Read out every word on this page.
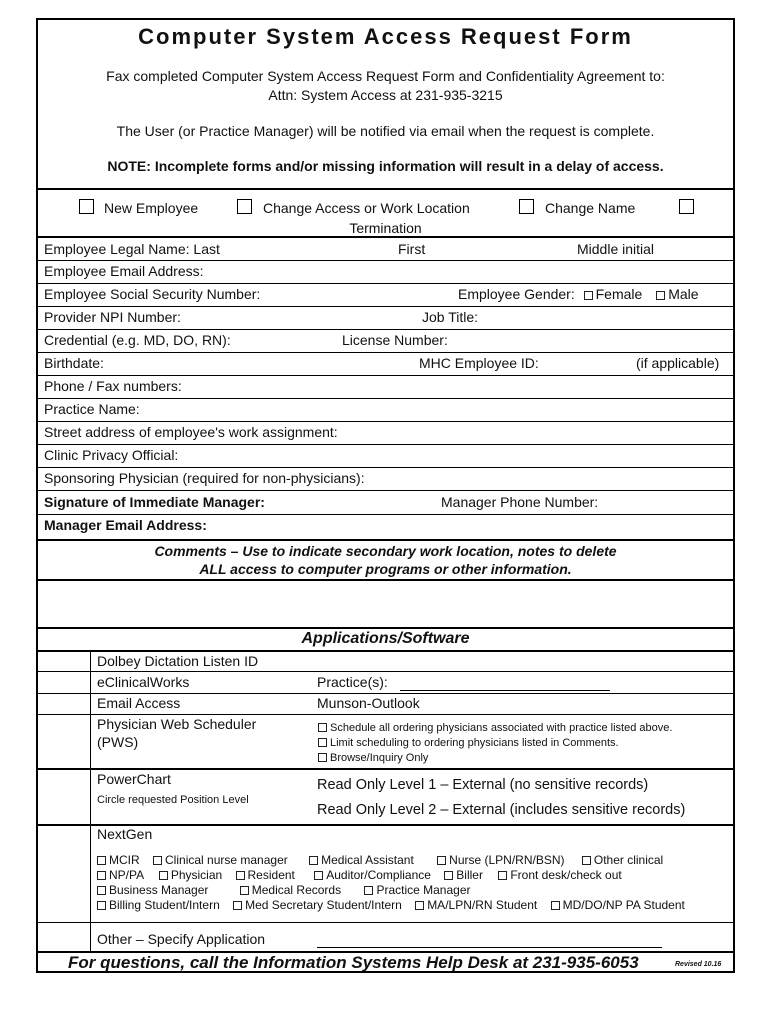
Computer System Access Request Form
Fax completed Computer System Access Request Form and Confidentiality Agreement to:
Attn: System Access at 231-935-3215
The User (or Practice Manager) will be notified via email when the request is complete.
NOTE: Incomplete forms and/or missing information will result in a delay of access.
New Employee	Change Access or Work Location	Change Name
Termination
Employee Legal Name: Last	First	Middle initial
Employee Email Address:
Employee Social Security Number:	Employee Gender: Female Male
Provider NPI Number:	Job Title:
Credential (e.g. MD, DO, RN):	License Number:
Birthdate:	MHC Employee ID:	(if applicable)
Phone / Fax numbers:
Practice Name:
Street address of employee's work assignment:
Clinic Privacy Official:
Sponsoring Physician (required for non-physicians):
Signature of Immediate Manager:	Manager Phone Number:
Manager Email Address:
Comments – Use to indicate secondary work location, notes to delete
ALL access to computer programs or other information.
Applications/Software
Dolbey Dictation Listen ID
eClinicalWorks	Practice(s):
Email Access	Munson-Outlook
Physician Web Scheduler
(PWS)
Schedule all ordering physicians associated with practice listed above.
Limit scheduling to ordering physicians listed in Comments.
Browse/Inquiry Only
PowerChart
Circle requested Position Level
Read Only Level 1 – External (no sensitive records)
Read Only Level 2 – External (includes sensitive records)
NextGen
MCIR Clinical nurse manager	Medical Assistant	Nurse (LPN/RN/BSN) Other clinical
NP/PA Physician Resident	Auditor/Compliance Biller Front desk/check out
Business Manager	Medical Records	Practice Manager
Billing Student/Intern Med Secretary Student/Intern MA/LPN/RN Student MD/DO/NP PA Student
Other – Specify Application
For questions, call the Information Systems Help Desk at 231-935-6053	Revised 10.16
